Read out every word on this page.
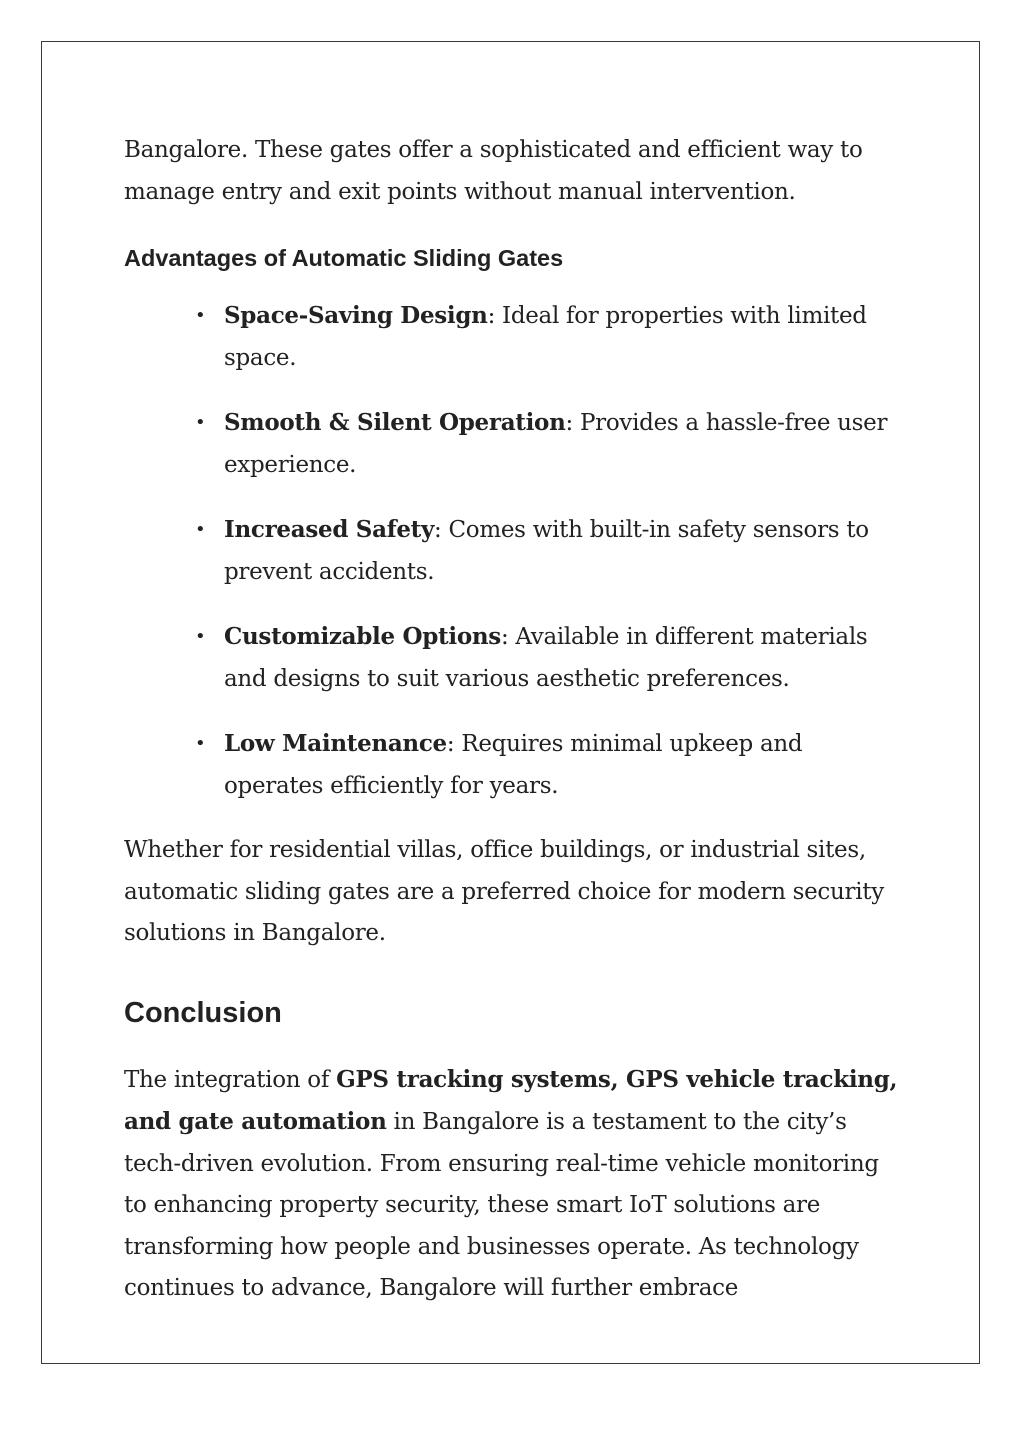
Bangalore. These gates offer a sophisticated and efficient way to manage entry and exit points without manual intervention.

Advantages of Automatic Sliding Gates
• Space-Saving Design: Ideal for properties with limited space.
• Smooth & Silent Operation: Provides a hassle-free user experience.
• Increased Safety: Comes with built-in safety sensors to prevent accidents.
• Customizable Options: Available in different materials and designs to suit various aesthetic preferences.
• Low Maintenance: Requires minimal upkeep and operates efficiently for years.

Whether for residential villas, office buildings, or industrial sites, automatic sliding gates are a preferred choice for modern security solutions in Bangalore.

Conclusion

The integration of GPS tracking systems, GPS vehicle tracking, and gate automation in Bangalore is a testament to the city’s tech-driven evolution. From ensuring real-time vehicle monitoring to enhancing property security, these smart IoT solutions are transforming how people and businesses operate. As technology continues to advance, Bangalore will further embrace
